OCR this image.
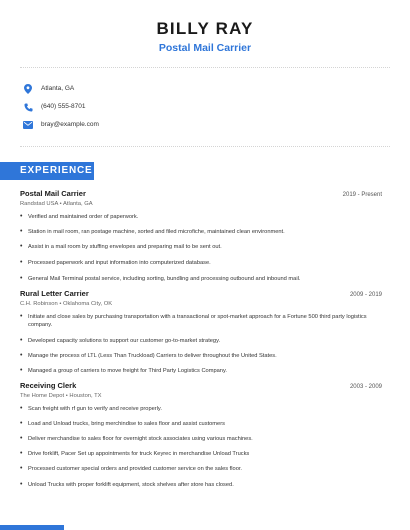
BILLY RAY
Postal Mail Carrier
Atlanta, GA
(640) 555-8701
bray@example.com
EXPERIENCE
Postal Mail Carrier	2019 - Present
Randstad USA • Atlanta, GA
• Verified and maintained order of paperwork.
• Station in mail room, ran postage machine, sorted and filed microfiche, maintained clean environment.
• Assist in a mail room by stuffing envelopes and preparing mail to be sent out.
• Processed paperwork and input information into computerized database.
• General Mail Terminal postal service, including sorting, bundling and processing outbound and inbound mail.
Rural Letter Carrier	2009 - 2019
C.H. Robinson • Oklahoma City, OK
• Initiate and close sales by purchasing transportation with a transactional or spot-market approach for a Fortune 500 third party logistics company.
• Developed capacity solutions to support our customer go-to-market strategy.
• Manage the process of LTL (Less Than Truckload) Carriers to deliver throughout the United States.
• Managed a group of carriers to move freight for Third Party Logistics Company.
Receiving Clerk	2003 - 2009
The Home Depot • Houston, TX
• Scan freight with rf gun to verify and receive properly.
• Load and Unload trucks, bring merchindise to sales floor and assist customers
• Deliver merchandise to sales floor for overnight stock associates using various machines.
• Drive forklift, Pacer Set up appointments for truck Keyrec in merchandise Unload Trucks
• Processed customer special orders and provided customer service on the sales floor.
• Unload Trucks with proper forklift equipment, stock shelves after store has closed.
